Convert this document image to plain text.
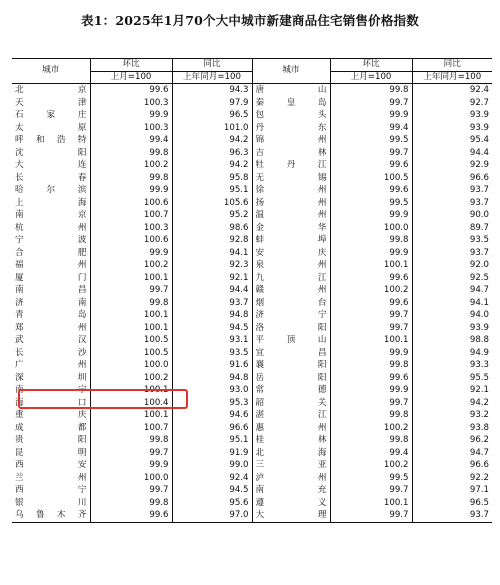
表1：2025年1月70个大中城市新建商品住宅销售价格指数
城市	环比	同比	城市	环比	同比
	上月=100	上年同月=100		上月=100	上年同月=100
北京	99.6	94.3	唐山	99.8	92.4
天津	100.3	97.9	秦皇岛	99.7	92.7
石家庄	99.9	96.5	包头	99.9	93.9
太原	100.3	101.0	丹东	99.4	93.9
呼和浩特	99.4	94.2	锦州	99.5	95.4
沈阳	99.8	96.3	吉林	99.7	94.4
大连	100.2	94.2	牡丹江	99.6	92.9
长春	99.8	95.8	无锡	100.5	96.6
哈尔滨	99.9	95.1	徐州	99.6	93.7
上海	100.6	105.6	扬州	99.5	93.7
南京	100.7	95.2	温州	99.9	90.0
杭州	100.3	98.6	金华	100.0	89.7
宁波	100.6	92.8	蚌埠	99.8	93.5
合肥	99.9	94.1	安庆	99.9	93.7
福州	100.2	92.3	泉州	100.1	92.0
厦门	100.1	92.1	九江	99.6	92.5
南昌	99.7	94.4	赣州	100.2	94.7
济南	99.8	93.7	烟台	99.6	94.1
青岛	100.1	94.8	济宁	99.7	94.0
郑州	100.1	94.5	洛阳	99.7	93.9
武汉	100.5	93.1	平顶山	100.1	98.8
长沙	100.5	93.5	宜昌	99.9	94.9
广州	100.0	91.6	襄阳	99.8	93.3
深圳	100.2	94.8	岳阳	99.6	95.5
南宁	100.1	93.0	常德	99.9	92.1
海口	100.4	95.3	韶关	99.7	94.2
重庆	100.1	94.6	湛江	99.8	93.2
成都	100.7	96.6	惠州	100.2	93.8
贵阳	99.8	95.1	桂林	99.8	96.2
昆明	99.7	91.9	北海	99.4	94.7
西安	99.9	99.0	三亚	100.2	96.6
兰州	100.0	92.4	泸州	99.5	92.2
西宁	99.7	94.5	南充	99.7	97.1
银川	99.8	95.6	遵义	100.1	96.5
乌鲁木齐	99.6	97.0	大理	99.7	93.7
